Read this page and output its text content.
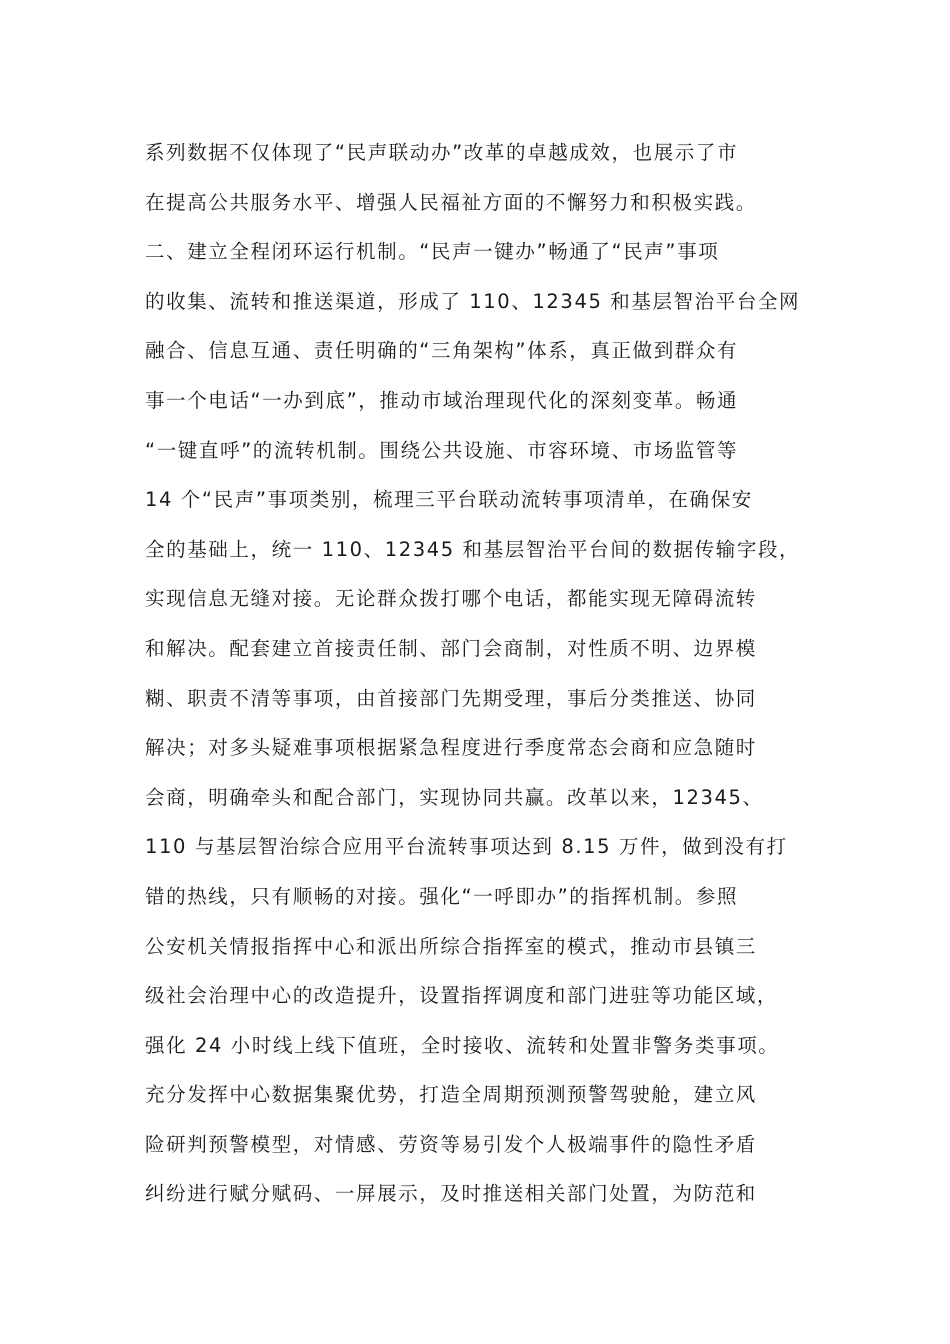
系列数据不仅体现了“民声联动办”改革的卓越成效，也展示了市
在提高公共服务水平、增强人民福祉方面的不懈努力和积极实践。
二、建立全程闭环运行机制。“民声一键办”畅通了“民声”事项
的收集、流转和推送渠道，形成了 110、12345 和基层智治平台全网
融合、信息互通、责任明确的“三角架构”体系，真正做到群众有
事一个电话“一办到底”，推动市域治理现代化的深刻变革。畅通
“一键直呼”的流转机制。围绕公共设施、市容环境、市场监管等
14 个“民声”事项类别，梳理三平台联动流转事项清单，在确保安
全的基础上，统一 110、12345 和基层智治平台间的数据传输字段，
实现信息无缝对接。无论群众拨打哪个电话，都能实现无障碍流转
和解决。配套建立首接责任制、部门会商制，对性质不明、边界模
糊、职责不清等事项，由首接部门先期受理，事后分类推送、协同
解决；对多头疑难事项根据紧急程度进行季度常态会商和应急随时
会商，明确牵头和配合部门，实现协同共赢。改革以来，12345、
110 与基层智治综合应用平台流转事项达到 8.15 万件，做到没有打
错的热线，只有顺畅的对接。强化“一呼即办”的指挥机制。参照
公安机关情报指挥中心和派出所综合指挥室的模式，推动市县镇三
级社会治理中心的改造提升，设置指挥调度和部门进驻等功能区域，
强化 24 小时线上线下值班，全时接收、流转和处置非警务类事项。
充分发挥中心数据集聚优势，打造全周期预测预警驾驶舱，建立风
险研判预警模型，对情感、劳资等易引发个人极端事件的隐性矛盾
纠纷进行赋分赋码、一屏展示，及时推送相关部门处置，为防范和
